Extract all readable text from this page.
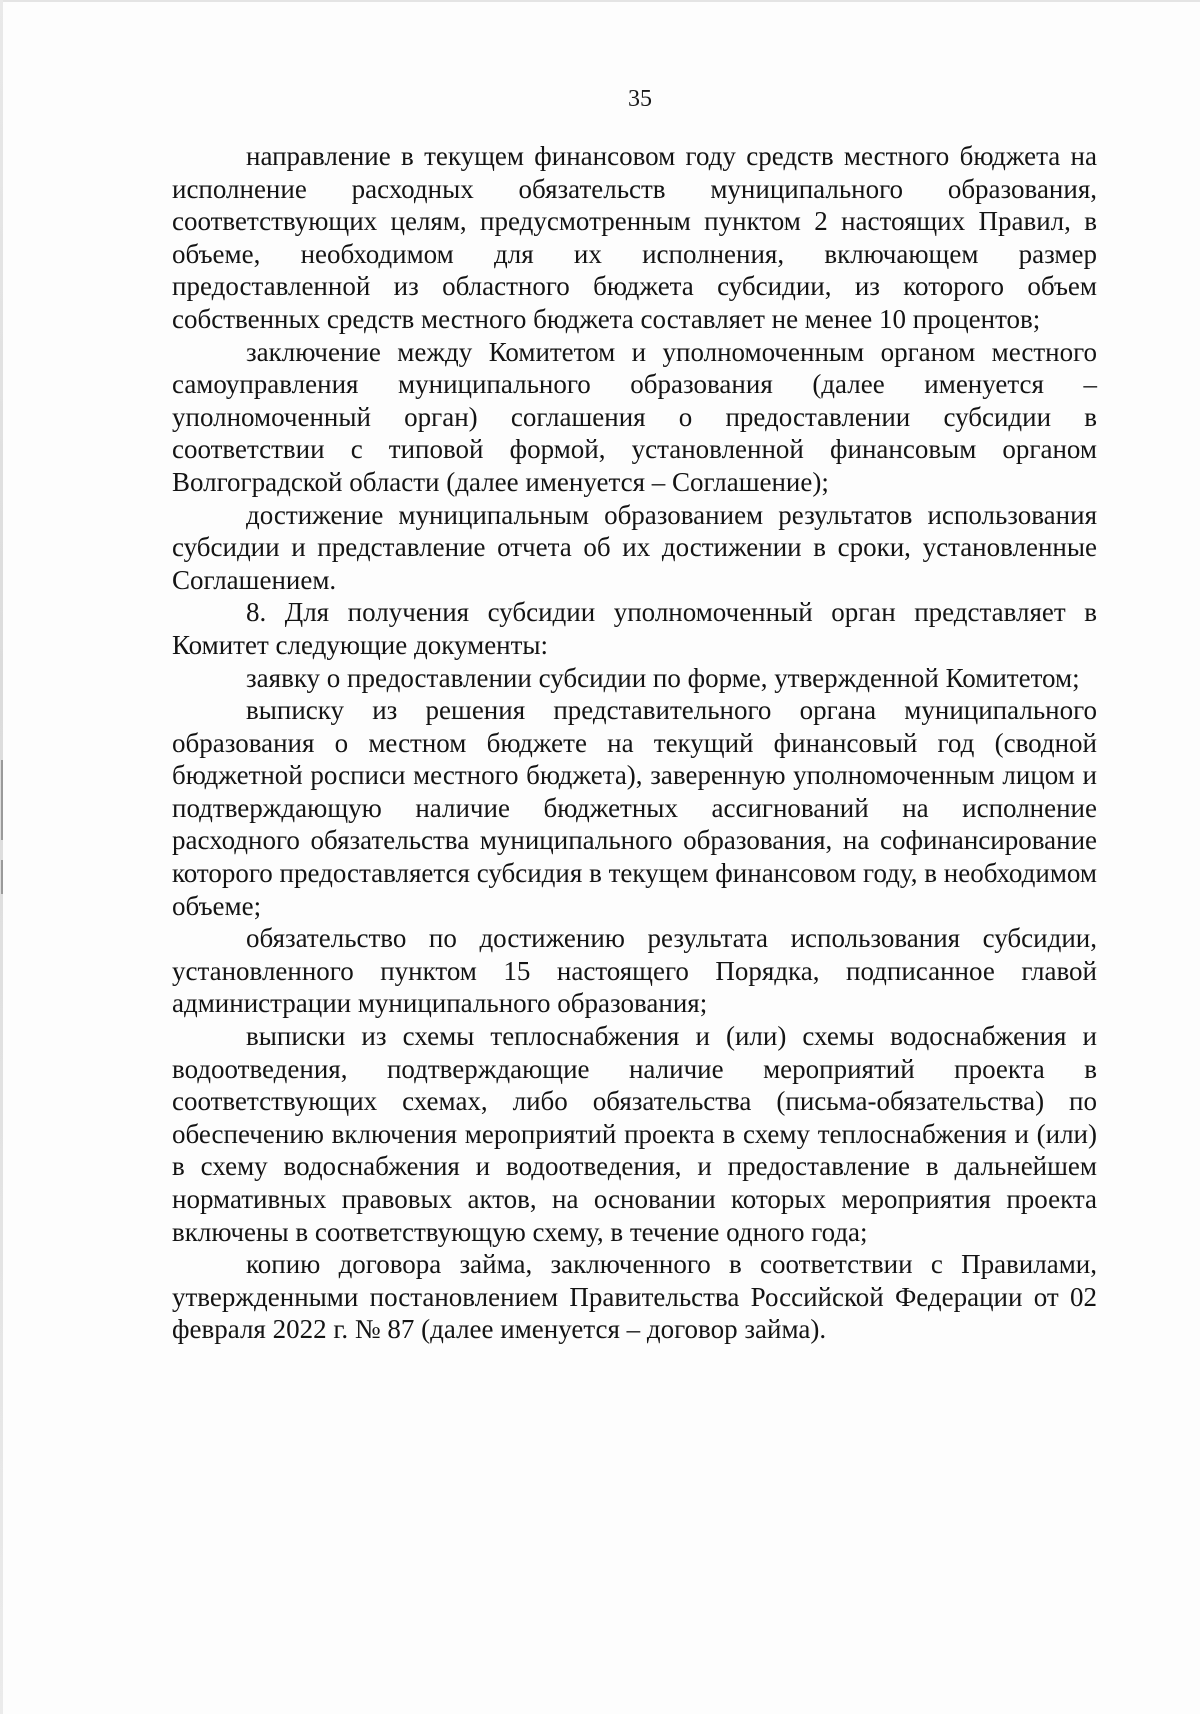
35

направление в текущем финансовом году средств местного бюджета на исполнение расходных обязательств муниципального образования, соответствующих целям, предусмотренным пунктом 2 настоящих Правил, в объеме, необходимом для их исполнения, включающем размер предоставленной из областного бюджета субсидии, из которого объем собственных средств местного бюджета составляет не менее 10 процентов;

заключение между Комитетом и уполномоченным органом местного самоуправления муниципального образования (далее именуется – уполномоченный орган) соглашения о предоставлении субсидии в соответствии с типовой формой, установленной финансовым органом Волгоградской области (далее именуется – Соглашение);

достижение муниципальным образованием результатов использования субсидии и представление отчета об их достижении в сроки, установленные Соглашением.

8. Для получения субсидии уполномоченный орган представляет в Комитет следующие документы:

заявку о предоставлении субсидии по форме, утвержденной Комитетом;

выписку из решения представительного органа муниципального образования о местном бюджете на текущий финансовый год (сводной бюджетной росписи местного бюджета), заверенную уполномоченным лицом и подтверждающую наличие бюджетных ассигнований на исполнение расходного обязательства муниципального образования, на софинансирование которого предоставляется субсидия в текущем финансовом году, в необходимом объеме;

обязательство по достижению результата использования субсидии, установленного пунктом 15 настоящего Порядка, подписанное главой администрации муниципального образования;

выписки из схемы теплоснабжения и (или) схемы водоснабжения и водоотведения, подтверждающие наличие мероприятий проекта в соответствующих схемах, либо обязательства (письма-обязательства) по обеспечению включения мероприятий проекта в схему теплоснабжения и (или) в схему водоснабжения и водоотведения, и предоставление в дальнейшем нормативных правовых актов, на основании которых мероприятия проекта включены в соответствующую схему, в течение одного года;

копию договора займа, заключенного в соответствии с Правилами, утвержденными постановлением Правительства Российской Федерации от 02 февраля 2022 г. № 87 (далее именуется – договор займа).
